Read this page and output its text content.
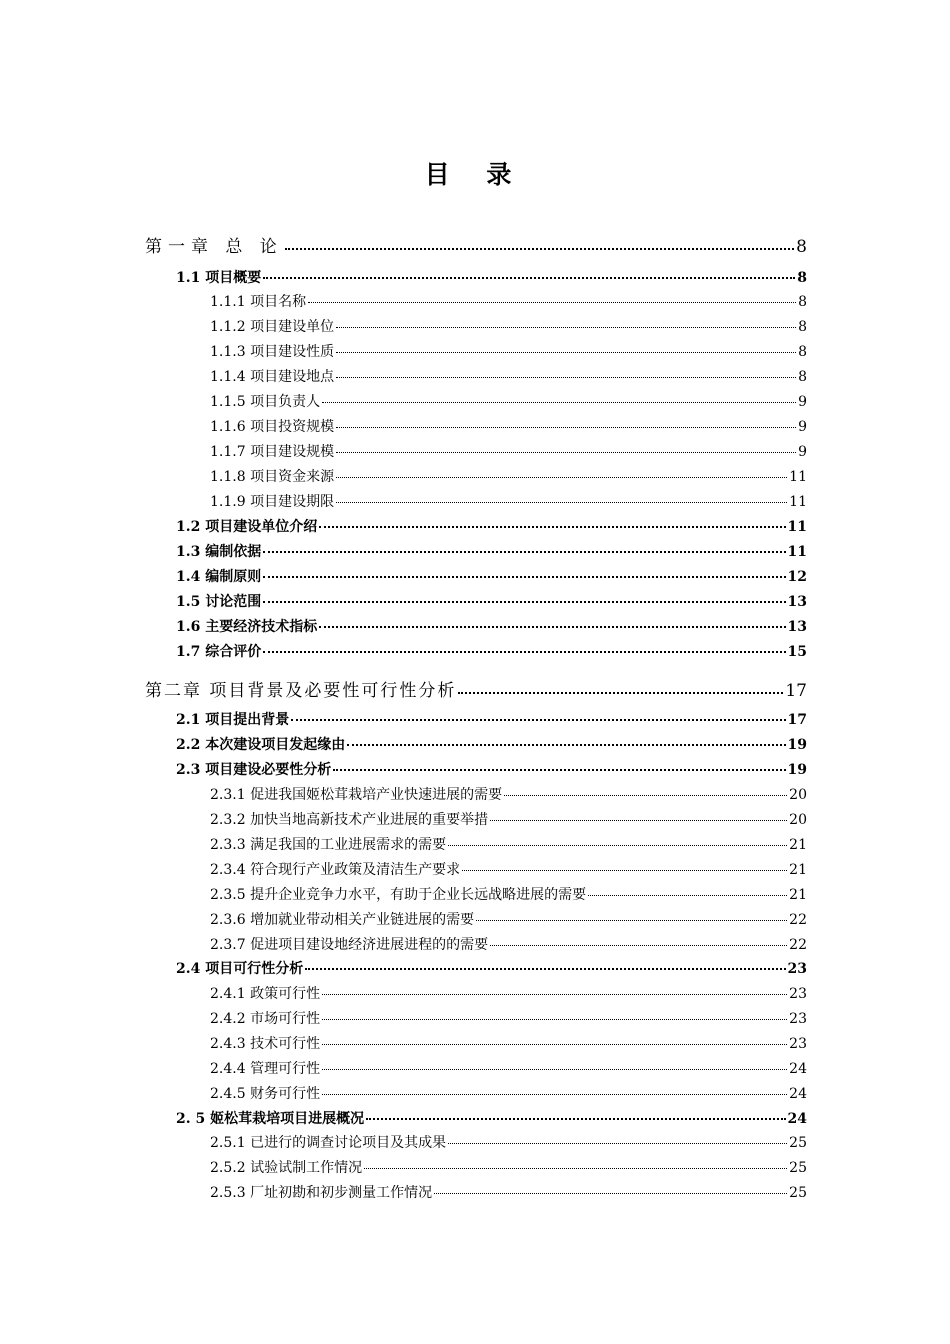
目 录
第一章 总 论	8
1.1 项目概要	8
1.1.1 项目名称	8
1.1.2 项目建设单位	8
1.1.3 项目建设性质	8
1.1.4 项目建设地点	8
1.1.5 项目负责人	9
1.1.6 项目投资规模	9
1.1.7 项目建设规模	9
1.1.8 项目资金来源	11
1.1.9 项目建设期限	11
1.2 项目建设单位介绍	11
1.3 编制依据	11
1.4 编制原则	12
1.5 讨论范围	13
1.6 主要经济技术指标	13
1.7 综合评价	15
第二章 项目背景及必要性可行性分析	17
2.1 项目提出背景	17
2.2 本次建设项目发起缘由	19
2.3 项目建设必要性分析	19
2.3.1 促进我国姬松茸栽培产业快速进展的需要	20
2.3.2 加快当地高新技术产业进展的重要举措	20
2.3.3 满足我国的工业进展需求的需要	21
2.3.4 符合现行产业政策及清洁生产要求	21
2.3.5 提升企业竞争力水平，有助于企业长远战略进展的需要	21
2.3.6 增加就业带动相关产业链进展的需要	22
2.3.7 促进项目建设地经济进展进程的的需要	22
2.4 项目可行性分析	23
2.4.1 政策可行性	23
2.4.2 市场可行性	23
2.4.3 技术可行性	23
2.4.4 管理可行性	24
2.4.5 财务可行性	24
2. 5 姬松茸栽培项目进展概况	24
2.5.1 已进行的调查讨论项目及其成果	25
2.5.2 试验试制工作情况	25
2.5.3 厂址初勘和初步测量工作情况	25
